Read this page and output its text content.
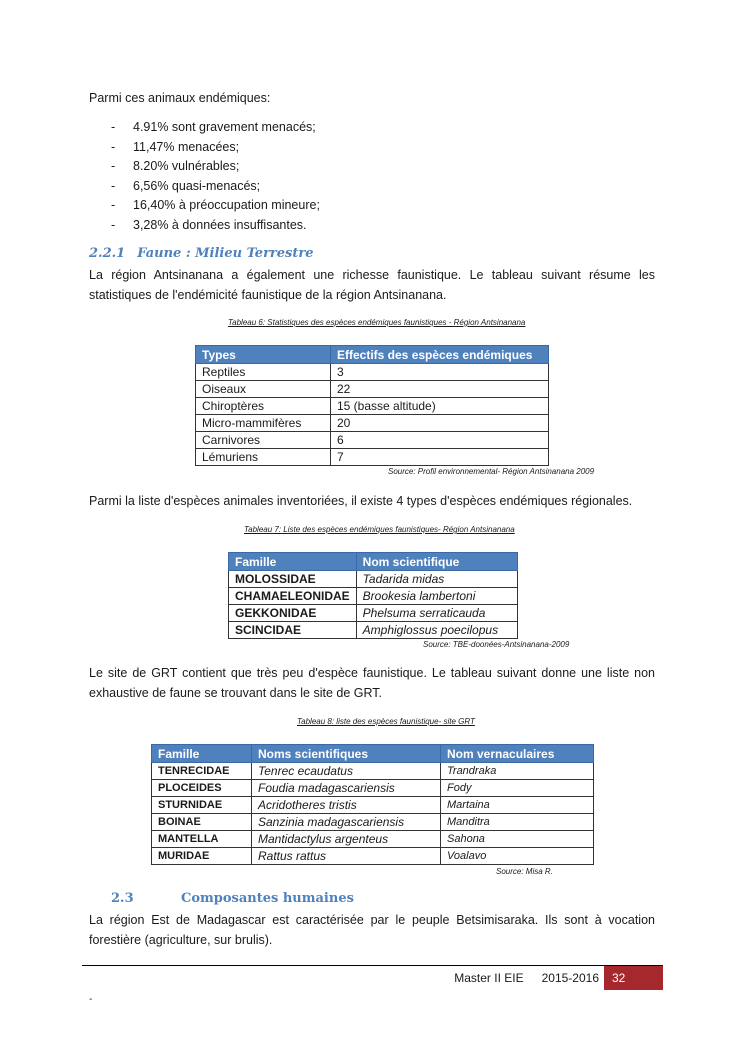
Parmi ces animaux endémiques:

- 4.91% sont gravement menacés;
- 11,47% menacées;
- 8.20% vulnérables;
- 6,56% quasi-menacés;
- 16,40% à préoccupation mineure;
- 3,28% à données insuffisantes.
2.2.1 Faune : Milieu Terrestre
La région Antsinanana a également une richesse faunistique. Le tableau suivant résume les
statistiques de l'endémicité faunistique de la région Antsinanana.
Tableau 6: Statistiques des espèces endémiques faunistiques - Région Antsinanana
Types	Effectifs des espèces endémiques
Reptiles	3
Oiseaux	22
Chiroptères	15 (basse altitude)
Micro-mammifères	20
Carnivores	6
Lémuriens	7
Source: Profil environnemental- Région Antsinanana 2009

Parmi la liste d'espèces animales inventoriées, il existe 4 types d'espèces endémiques régionales.

Tableau 7: Liste des espèces endémiques faunistiques- Région Antsinanana
Famille	Nom scientifique
MOLOSSIDAE	Tadarida midas
CHAMAELEONIDAE	Brookesia lambertoni
GEKKONIDAE	Phelsuma serraticauda
SCINCIDAE	Amphiglossus poecilopus
Source: TBE-doonées-Antsinanana-2009
Le site de GRT contient que très peu d'espèce faunistique. Le tableau suivant donne une liste non
exhaustive de faune se trouvant dans le site de GRT.
Tableau 8: liste des espèces faunistique- site GRT
Famille	Noms scientifiques	Nom vernaculaires
TENRECIDAE	Tenrec ecaudatus	Trandraka
PLOCEIDES	Foudia madagascariensis	Fody
STURNIDAE	Acridotheres tristis	Martaina
BOINAE	Sanzinia madagascariensis	Manditra
MANTELLA	Mantidactylus argenteus	Sahona
MURIDAE	Rattus rattus	Voalavo
Source: Misa R.
2.3	Composantes humaines
La région Est de Madagascar est caractérisée par le peuple Betsimisaraka. Ils sont à vocation
forestière (agriculture, sur brulis).
Master II EIE 2015-2016	32
-
